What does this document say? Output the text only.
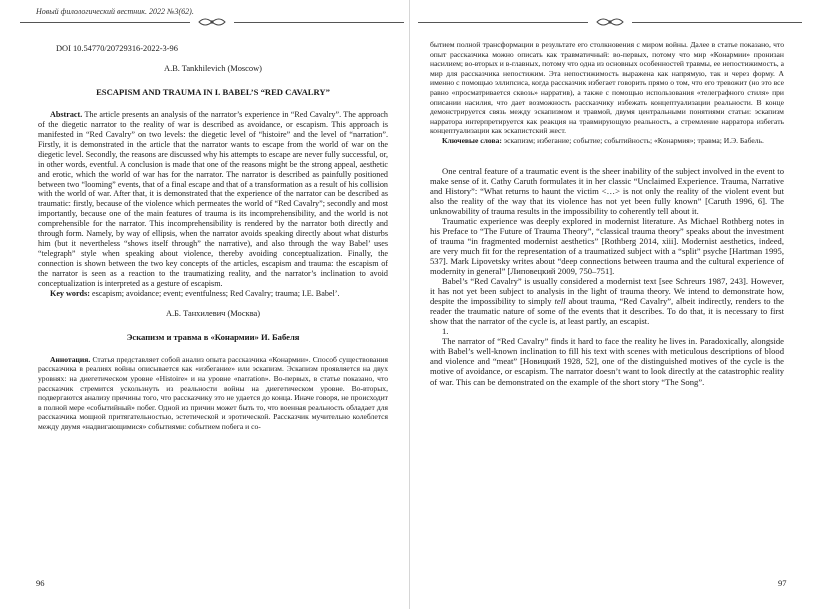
Новый филологический вестник. 2022 №3(62).

DOI 10.54770/20729316-2022-3-96

A.B. Tankhilevich (Moscow)

ESCAPISM AND TRAUMA IN I. BABEL’S “RED CAVALRY”

Abstract. The article presents an analysis of the narrator’s experience in “Red Cavalry”. The approach of the diegetic narrator to the reality of war is described as avoidance, or escapism. This approach is manifested in “Red Cavalry” on two levels: the diegetic level of “histoire” and the level of “narration”. Firstly, it is demonstrated in the article that the narrator wants to escape from the world of war on the diegetic level. Secondly, the reasons are discussed why his attempts to escape are never fully successful, or, in other words, eventful. A conclusion is made that one of the reasons might be the strong appeal, aesthetic and erotic, which the world of war has for the narrator. The narrator is described as painfully positioned between two “looming” events, that of a final escape and that of a transformation as a result of his collision with the world of war. After that, it is demonstrated that the experience of the narrator can be described as traumatic: firstly, because of the violence which permeates the world of “Red Cavalry”; secondly and most importantly, because one of the main features of trauma is its incomprehensibility, and the world is not comprehensible for the narrator. This incomprehensibility is rendered by the narrator both directly and through form. Namely, by way of ellipsis, when the narrator avoids speaking directly about what disturbs him (but it nevertheless “shows itself through” the narrative), and also through the way Babel’ uses “telegraph” style when speaking about violence, thereby avoiding conceptualization. Finally, the connection is shown between the two key concepts of the articles, escapism and trauma: the escapism of the narrator is seen as a reaction to the traumatizing reality, and the narrator’s inclination to avoid conceptualization is interpreted as a gesture of escapism.

Key words: escapism; avoidance; event; eventfulness; Red Cavalry; trauma; I.E. Babel’.

А.Б. Танхилевич (Москва)

Эскапизм и травма в «Конармии» И. Бабеля

Аннотация. Статья представляет собой анализ опыта рассказчика «Конармии». Способ существования рассказчика в реалиях войны описывается как «избегание» или эскапизм. Эскапизм проявляется на двух уровнях: на диегетическом уровне «Histoire» и на уровне «narration». Во-первых, в статье показано, что рассказчик стремится ускользнуть из реальности войны на диегетическом уровне. Во-вторых, подвергаются анализу причины того, что рассказчику это не удается до конца. Иначе говоря, не происходит в полной мере «событийный» побег. Одной из причин может быть то, что военная реальность обладает для рассказчика мощной притягательностью, эстетической и эротической. Рассказчик мучительно колеблется между двумя «надвигающимися» событиями: событием побега и со-

96

бытием полной трансформации в результате его столкновения с миром войны. Далее в статье показано, что опыт рассказчика можно описать как травматичный: во-первых, потому что мир «Конармии» пронизан насилием; во-вторых и в-главных, потому что одна из основных особенностей травмы, ее непостижимость, а мир для рассказчика непостижим. Эта непостижимость выражена как напрямую, так и через форму. А именно с помощью эллипсиса, когда рассказчик избегает говорить прямо о том, что его тревожит (но это все равно «просматривается сквозь» нарратив), а также с помощью использования «телеграфного стиля» при описании насилия, что дает возможность рассказчику избежать концептуализации реальности. В конце демонстрируется связь между эскапизмом и травмой, двумя центральными понятиями статьи: эскапизм нарратора интерпретируется как реакция на травмирующую реальность, а стремление нарратора избегать концептуализации как эскапистский жест.

Ключевые слова: эскапизм; избегание; событие; событийность; «Конармия»; травма; И.Э. Бабель.

One central feature of a traumatic event is the sheer inability of the subject involved in the event to make sense of it. Cathy Caruth formulates it in her classic “Unclaimed Experience. Trauma, Narrative and History”: “What returns to haunt the victim <…> is not only the reality of the violent event but also the reality of the way that its violence has not yet been fully known” [Caruth 1996, 6]. The unknowability of trauma results in the impossibility to coherently tell about it.

Traumatic experience was deeply explored in modernist literature. As Michael Rothberg notes in his Preface to “The Future of Trauma Theory”, “classical trauma theory” speaks about the investment of trauma “in fragmented modernist aesthetics” [Rothberg 2014, xiii]. Modernist aesthetics, indeed, are very much fit for the representation of a traumatized subject with a “split” psyche [Hartman 1995, 537]. Mark Lipovetsky writes about “deep connections between trauma and the cultural experience of modernity in general” [Липовецкий 2009, 750–751].

Babel’s “Red Cavalry” is usually considered a modernist text [see Schreurs 1987, 243]. However, it has not yet been subject to analysis in the light of trauma theory. We intend to demonstrate how, despite the impossibility to simply tell about trauma, “Red Cavalry”, albeit indirectly, renders to the reader the traumatic nature of some of the events that it describes. To do that, it is necessary to first show that the narrator of the cycle is, at least partly, an escapist.

1.

The narrator of “Red Cavalry” finds it hard to face the reality he lives in. Paradoxically, alongside with Babel’s well-known inclination to fill his text with scenes with meticulous descriptions of blood and violence and “meat” [Новицкий 1928, 52], one of the distinguished motives of the cycle is the motive of avoidance, or escapism. The narrator doesn’t want to look directly at the catastrophic reality of war. This can be demonstrated on the example of the short story “The Song”.

97
